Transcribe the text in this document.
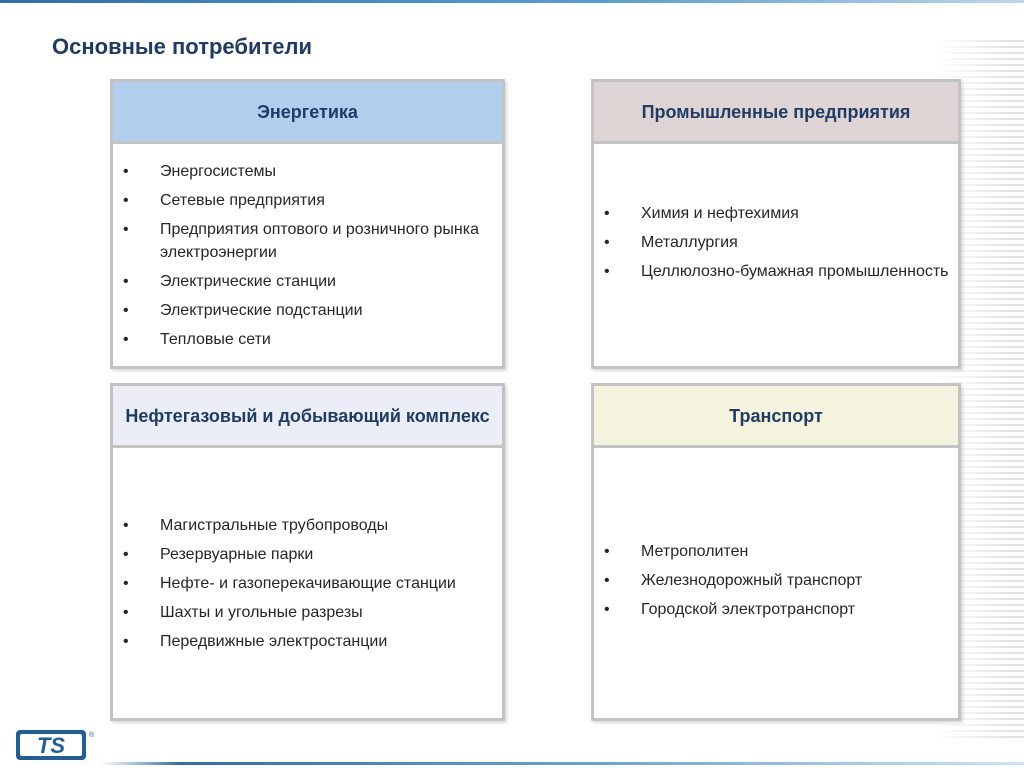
Основные потребители
Энергетика
• Энергосистемы
• Сетевые предприятия
• Предприятия оптового и розничного рынка электроэнергии
• Электрические станции
• Электрические подстанции
• Тепловые сети
Промышленные предприятия
• Химия и нефтехимия
• Металлургия
• Целлюлозно-бумажная промышленность
Нефтегазовый и добывающий комплекс
• Магистральные трубопроводы
• Резервуарные парки
• Нефте- и газоперекачивающие станции
• Шахты и угольные разрезы
• Передвижные электростанции
Транспорт
• Метрополитен
• Железнодорожный транспорт
• Городской электротранспорт
TS	®
